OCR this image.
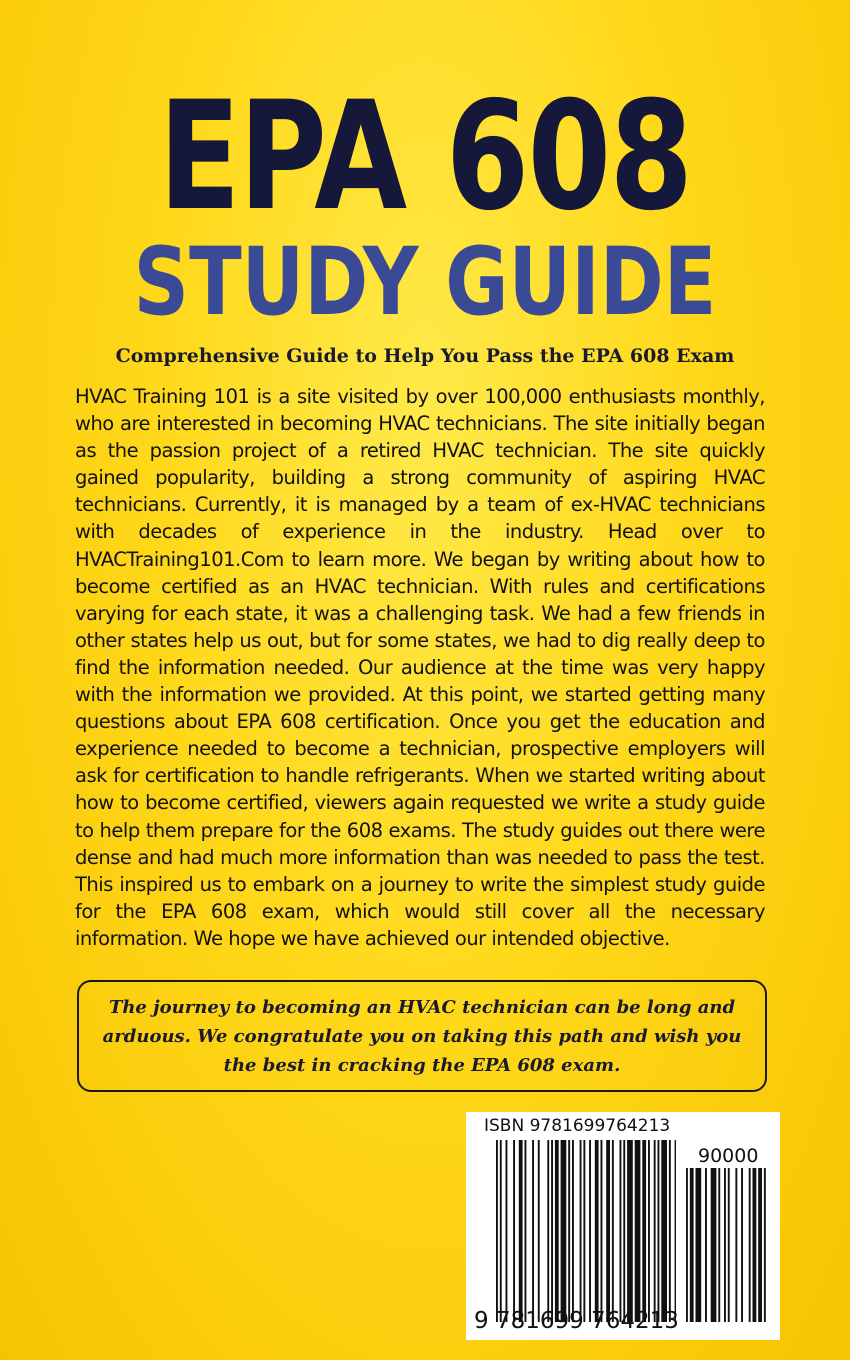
EPA 608
STUDY GUIDE

Comprehensive Guide to Help You Pass the EPA 608 Exam

HVAC Training 101 is a site visited by over 100,000 enthusiasts monthly, who are interested in becoming HVAC technicians. The site initially began as the passion project of a retired HVAC technician. The site quickly gained popularity, building a strong community of aspiring HVAC technicians. Currently, it is managed by a team of ex-HVAC technicians with decades of experience in the industry. Head over to HVACTraining101.Com to learn more. We began by writing about how to become certified as an HVAC technician. With rules and certifications varying for each state, it was a challenging task. We had a few friends in other states help us out, but for some states, we had to dig really deep to find the information needed. Our audience at the time was very happy with the information we provided. At this point, we started getting many questions about EPA 608 certification. Once you get the education and experience needed to become a technician, prospective employers will ask for certification to handle refrigerants. When we started writing about how to become certified, viewers again requested we write a study guide to help them prepare for the 608 exams. The study guides out there were dense and had much more information than was needed to pass the test. This inspired us to embark on a journey to write the simplest study guide for the EPA 608 exam, which would still cover all the necessary information. We hope we have achieved our intended objective.

The journey to becoming an HVAC technician can be long and arduous. We congratulate you on taking this path and wish you the best in cracking the EPA 608 exam.

ISBN 9781699764213
90000
9 781699 764213
